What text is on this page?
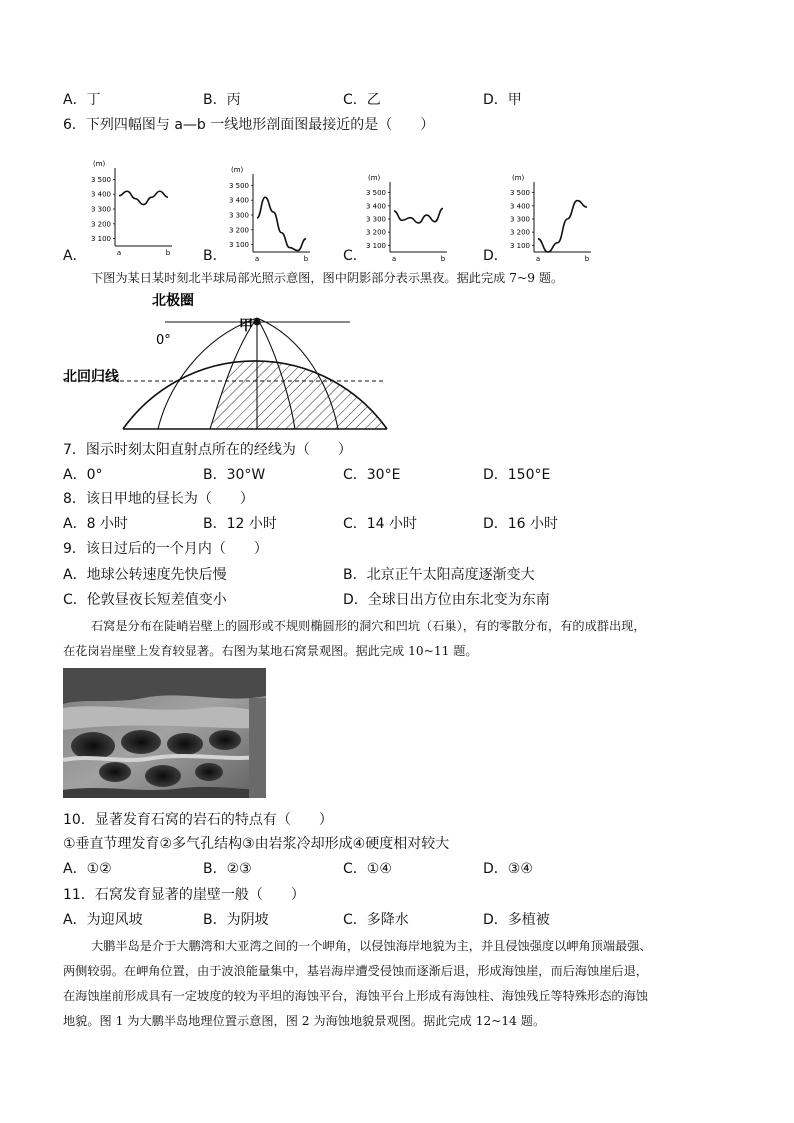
A．丁	B．丙	C．乙	D．甲
6．下列四幅图与 a—b 一线地形剖面图最接近的是（　　）
A．	B．	C．	D．
(m)
3 500
3 400
3 300
3 200
3 100
a	b
(m)
3 500
3 400
3 300
3 200
3 100
a	b
(m)
3 500
3 400
3 300
3 200
3 100
a	b
(m)
3 500
3 400
3 300
3 200
3 100
a	b
下图为某日某时刻北半球局部光照示意图，图中阴影部分表示黑夜。据此完成 7~9 题。
北极圈
0°
甲
北回归线
7．图示时刻太阳直射点所在的经线为（　　）
A．0°	B．30°W	C．30°E	D．150°E
8．该日甲地的昼长为（　　）
A．8 小时	B．12 小时	C．14 小时	D．16 小时
9．该日过后的一个月内（　　）
A．地球公转速度先快后慢	B．北京正午太阳高度逐渐变大
C．伦敦昼夜长短差值变小	D．全球日出方位由东北变为东南
石窝是分布在陡峭岩壁上的圆形或不规则椭圆形的洞穴和凹坑（石巢），有的零散分布，有的成群出现，
在花岗岩崖壁上发育较显著。右图为某地石窝景观图。据此完成 10~11 题。
10．显著发育石窝的岩石的特点有（　　）
①垂直节理发育②多气孔结构③由岩浆冷却形成④硬度相对较大
A．①②	B．②③	C．①④	D．③④
11．石窝发育显著的崖壁一般（　　）
A．为迎风坡	B．为阴坡	C．多降水	D．多植被
大鹏半岛是介于大鹏湾和大亚湾之间的一个岬角，以侵蚀海岸地貌为主，并且侵蚀强度以岬角顶端最强、
两侧较弱。在岬角位置，由于波浪能量集中，基岩海岸遭受侵蚀而逐渐后退，形成海蚀崖，而后海蚀崖后退，
在海蚀崖前形成具有一定坡度的较为平坦的海蚀平台，海蚀平台上形成有海蚀柱、海蚀残丘等特殊形态的海蚀
地貌。图 1 为大鹏半岛地理位置示意图，图 2 为海蚀地貌景观图。据此完成 12~14 题。
